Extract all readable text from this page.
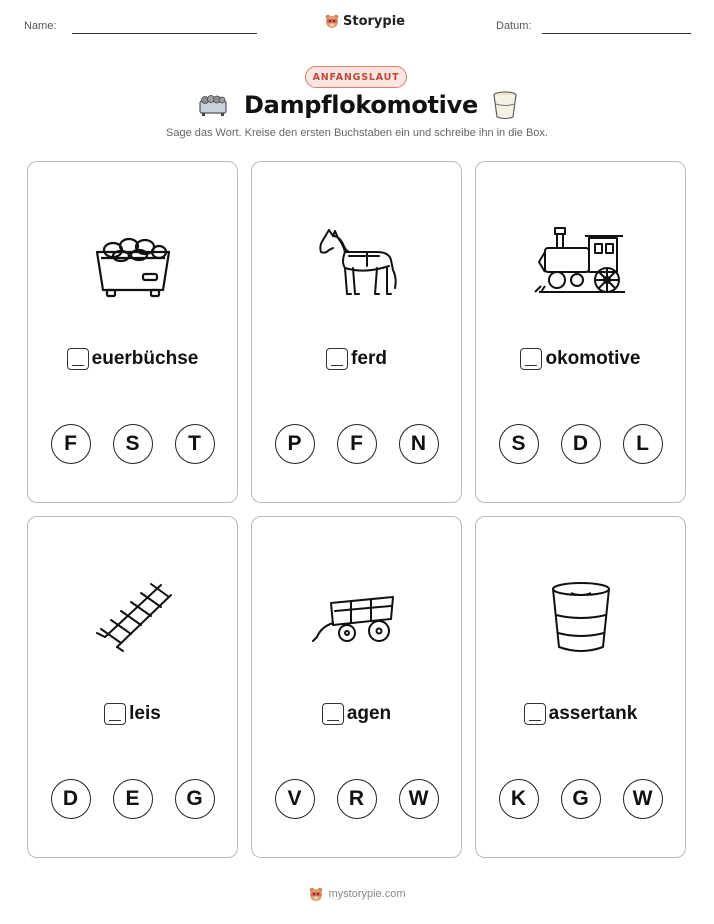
Name:	Storypie	Datum:
ANFANGSLAUT
Dampflokomotive
Sage das Wort. Kreise den ersten Buchstaben ein und schreibe ihn in die Box.
euerbüchse
F	S	T
ferd
P	F	N
okomotive
S	D	L
leis
D	E	G
agen
V	R	W
assertank
K	G	W
mystorypie.com
